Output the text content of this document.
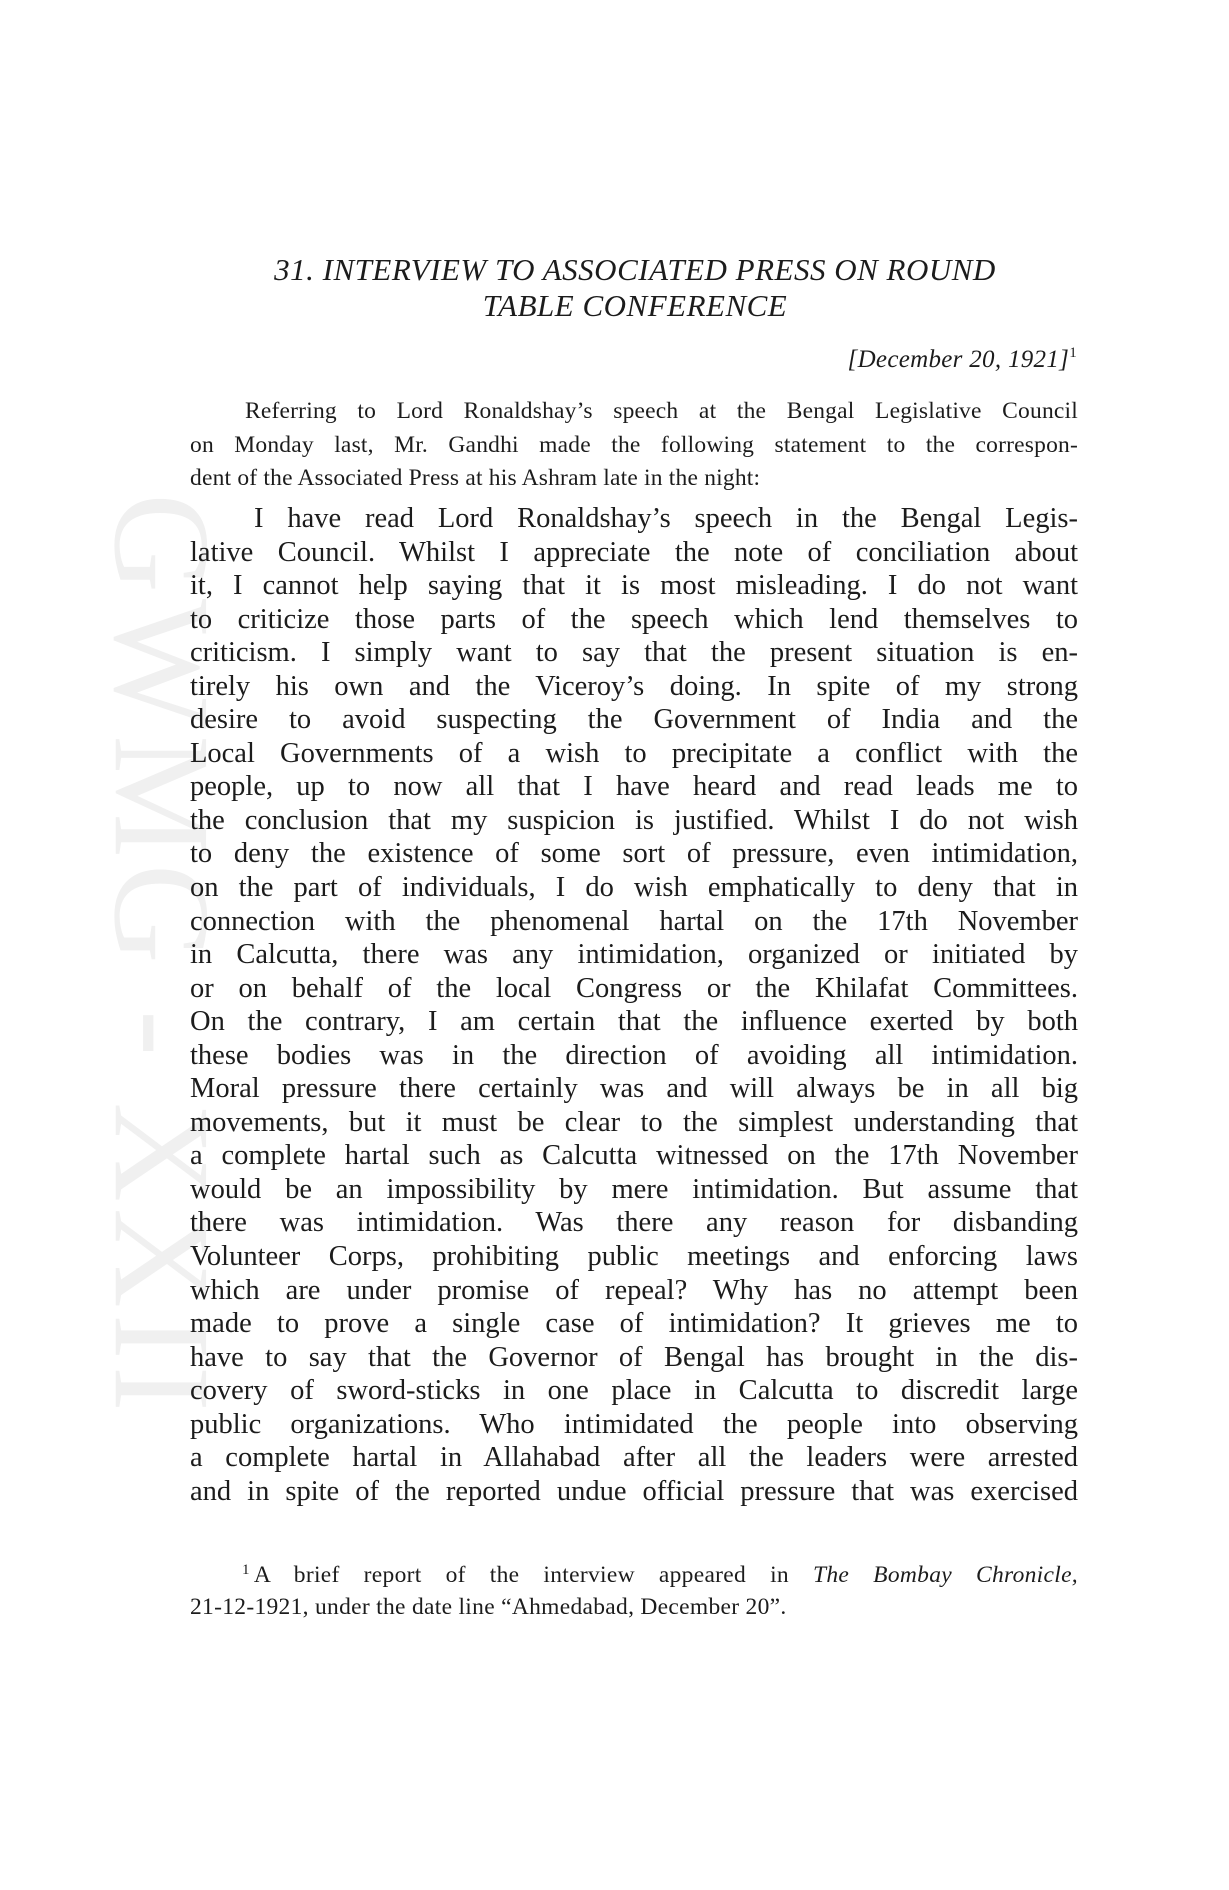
GWMG - XXII
31. INTERVIEW TO ASSOCIATED PRESS ON ROUND
TABLE CONFERENCE
[December 20, 1921]$^1$

Referring to Lord Ronaldshay’s speech at the Bengal Legislative Council

on Monday last, Mr. Gandhi made the following statement to the correspon-

dent of the Associated Press at his Ashram late in the night:

I have read Lord Ronaldshay’s speech in the Bengal Legis-

lative Council. Whilst I appreciate the note of conciliation about

it, I cannot help saying that it is most misleading. I do not want

to criticize those parts of the speech which lend themselves to

criticism. I simply want to say that the present situation is en-

tirely his own and the Viceroy’s doing. In spite of my strong

desire to avoid suspecting the Government of India and the

Local Governments of a wish to precipitate a conflict with the

people, up to now all that I have heard and read leads me to

the conclusion that my suspicion is justified. Whilst I do not wish

to deny the existence of some sort of pressure, even intimidation,

on the part of individuals, I do wish emphatically to deny that in

connection with the phenomenal hartal on the 17th November

in Calcutta, there was any intimidation, organized or initiated by

or on behalf of the local Congress or the Khilafat Committees.

On the contrary, I am certain that the influence exerted by both

these bodies was in the direction of avoiding all intimidation.

Moral pressure there certainly was and will always be in all big

movements, but it must be clear to the simplest understanding that

a complete hartal such as Calcutta witnessed on the 17th November

would be an impossibility by mere intimidation. But assume that

there was intimidation. Was there any reason for disbanding

Volunteer Corps, prohibiting public meetings and enforcing laws

which are under promise of repeal? Why has no attempt been

made to prove a single case of intimidation? It grieves me to

have to say that the Governor of Bengal has brought in the dis-

covery of sword-sticks in one place in Calcutta to discredit large

public organizations. Who intimidated the people into observing

a complete hartal in Allahabad after all the leaders were arrested

and in spite of the reported undue official pressure that was exercised

$^1$ A brief report of the interview appeared in The Bombay Chronicle,

21-12-1921, under the date line “Ahmedabad, December 20”.
